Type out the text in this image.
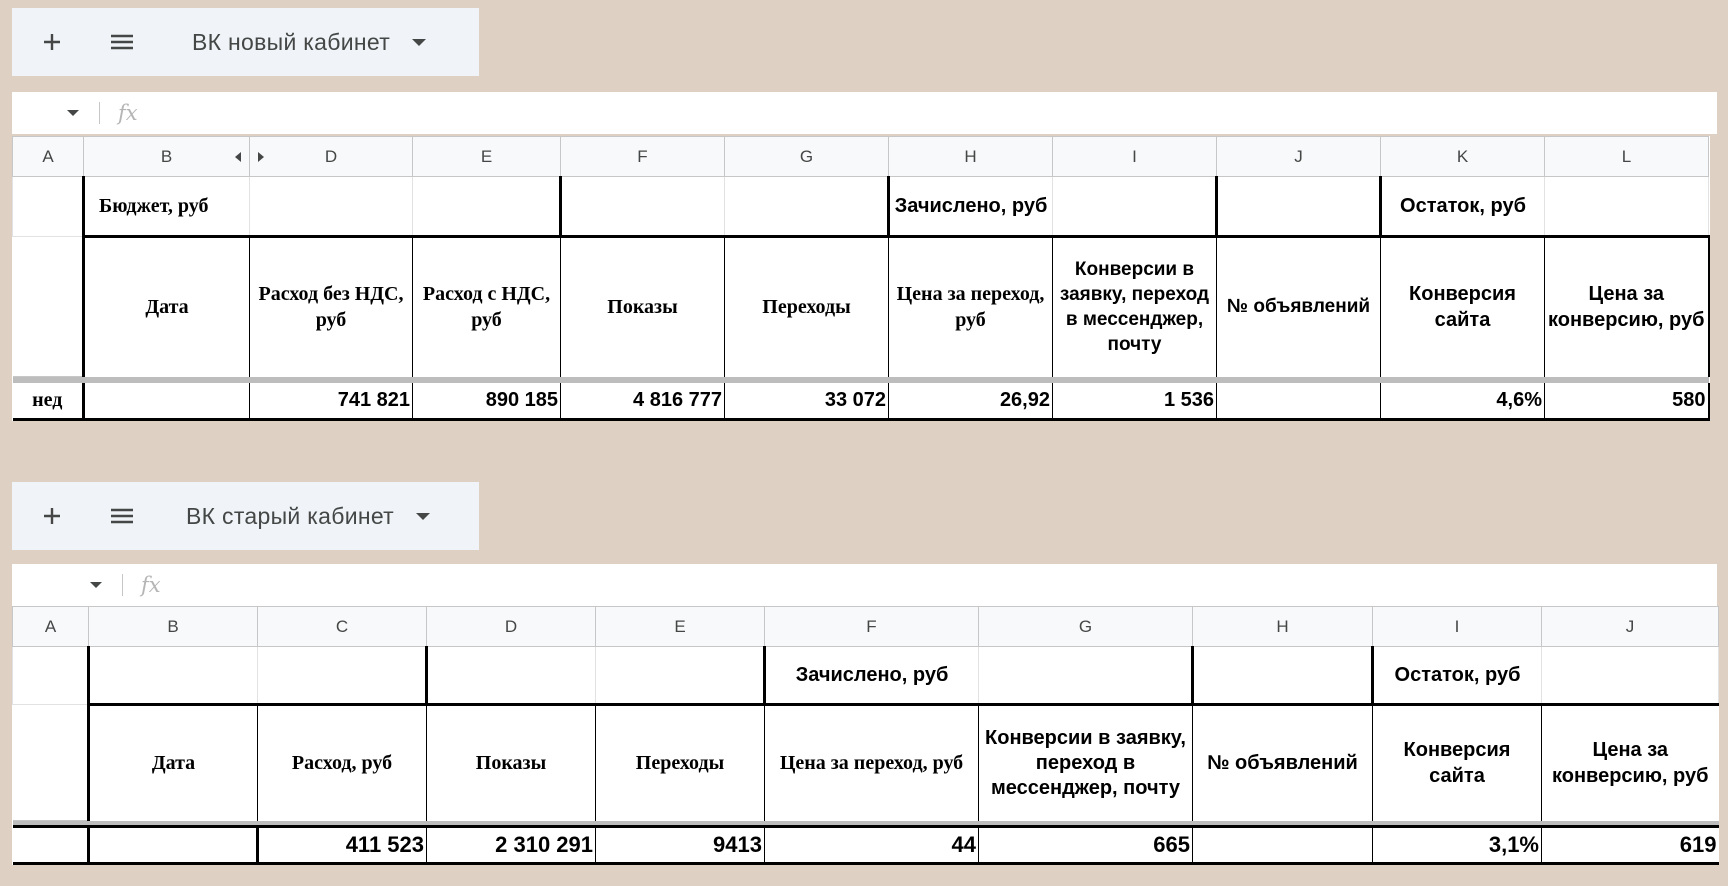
ВК новый кабинет
fx
A	B	D	E	F	G	H	I	J	K	L
	Бюджет, руб					Зачислено, руб			Остаток, руб	
	Дата	Расход без НДС, руб	Расход с НДС, руб	Показы	Переходы	Цена за переход, руб	Конверсии в заявку, переход в мессенджер, почту	№ объявлений	Конверсия сайта	Цена за конверсию, руб

нед		741 821	890 185	4 816 777	33 072	26,92	1 536		4,6%	580
ВК старый кабинет
fx
A	B	C	D	E	F	G	H	I	J
					Зачислено, руб			Остаток, руб	
	Дата	Расход, руб	Показы	Переходы	Цена за переход, руб	Конверсии в заявку, переход в мессенджер, почту	№ объявлений	Конверсия сайта	Цена за конверсию, руб

		411 523	2 310 291	9413	44	665		3,1%	619
